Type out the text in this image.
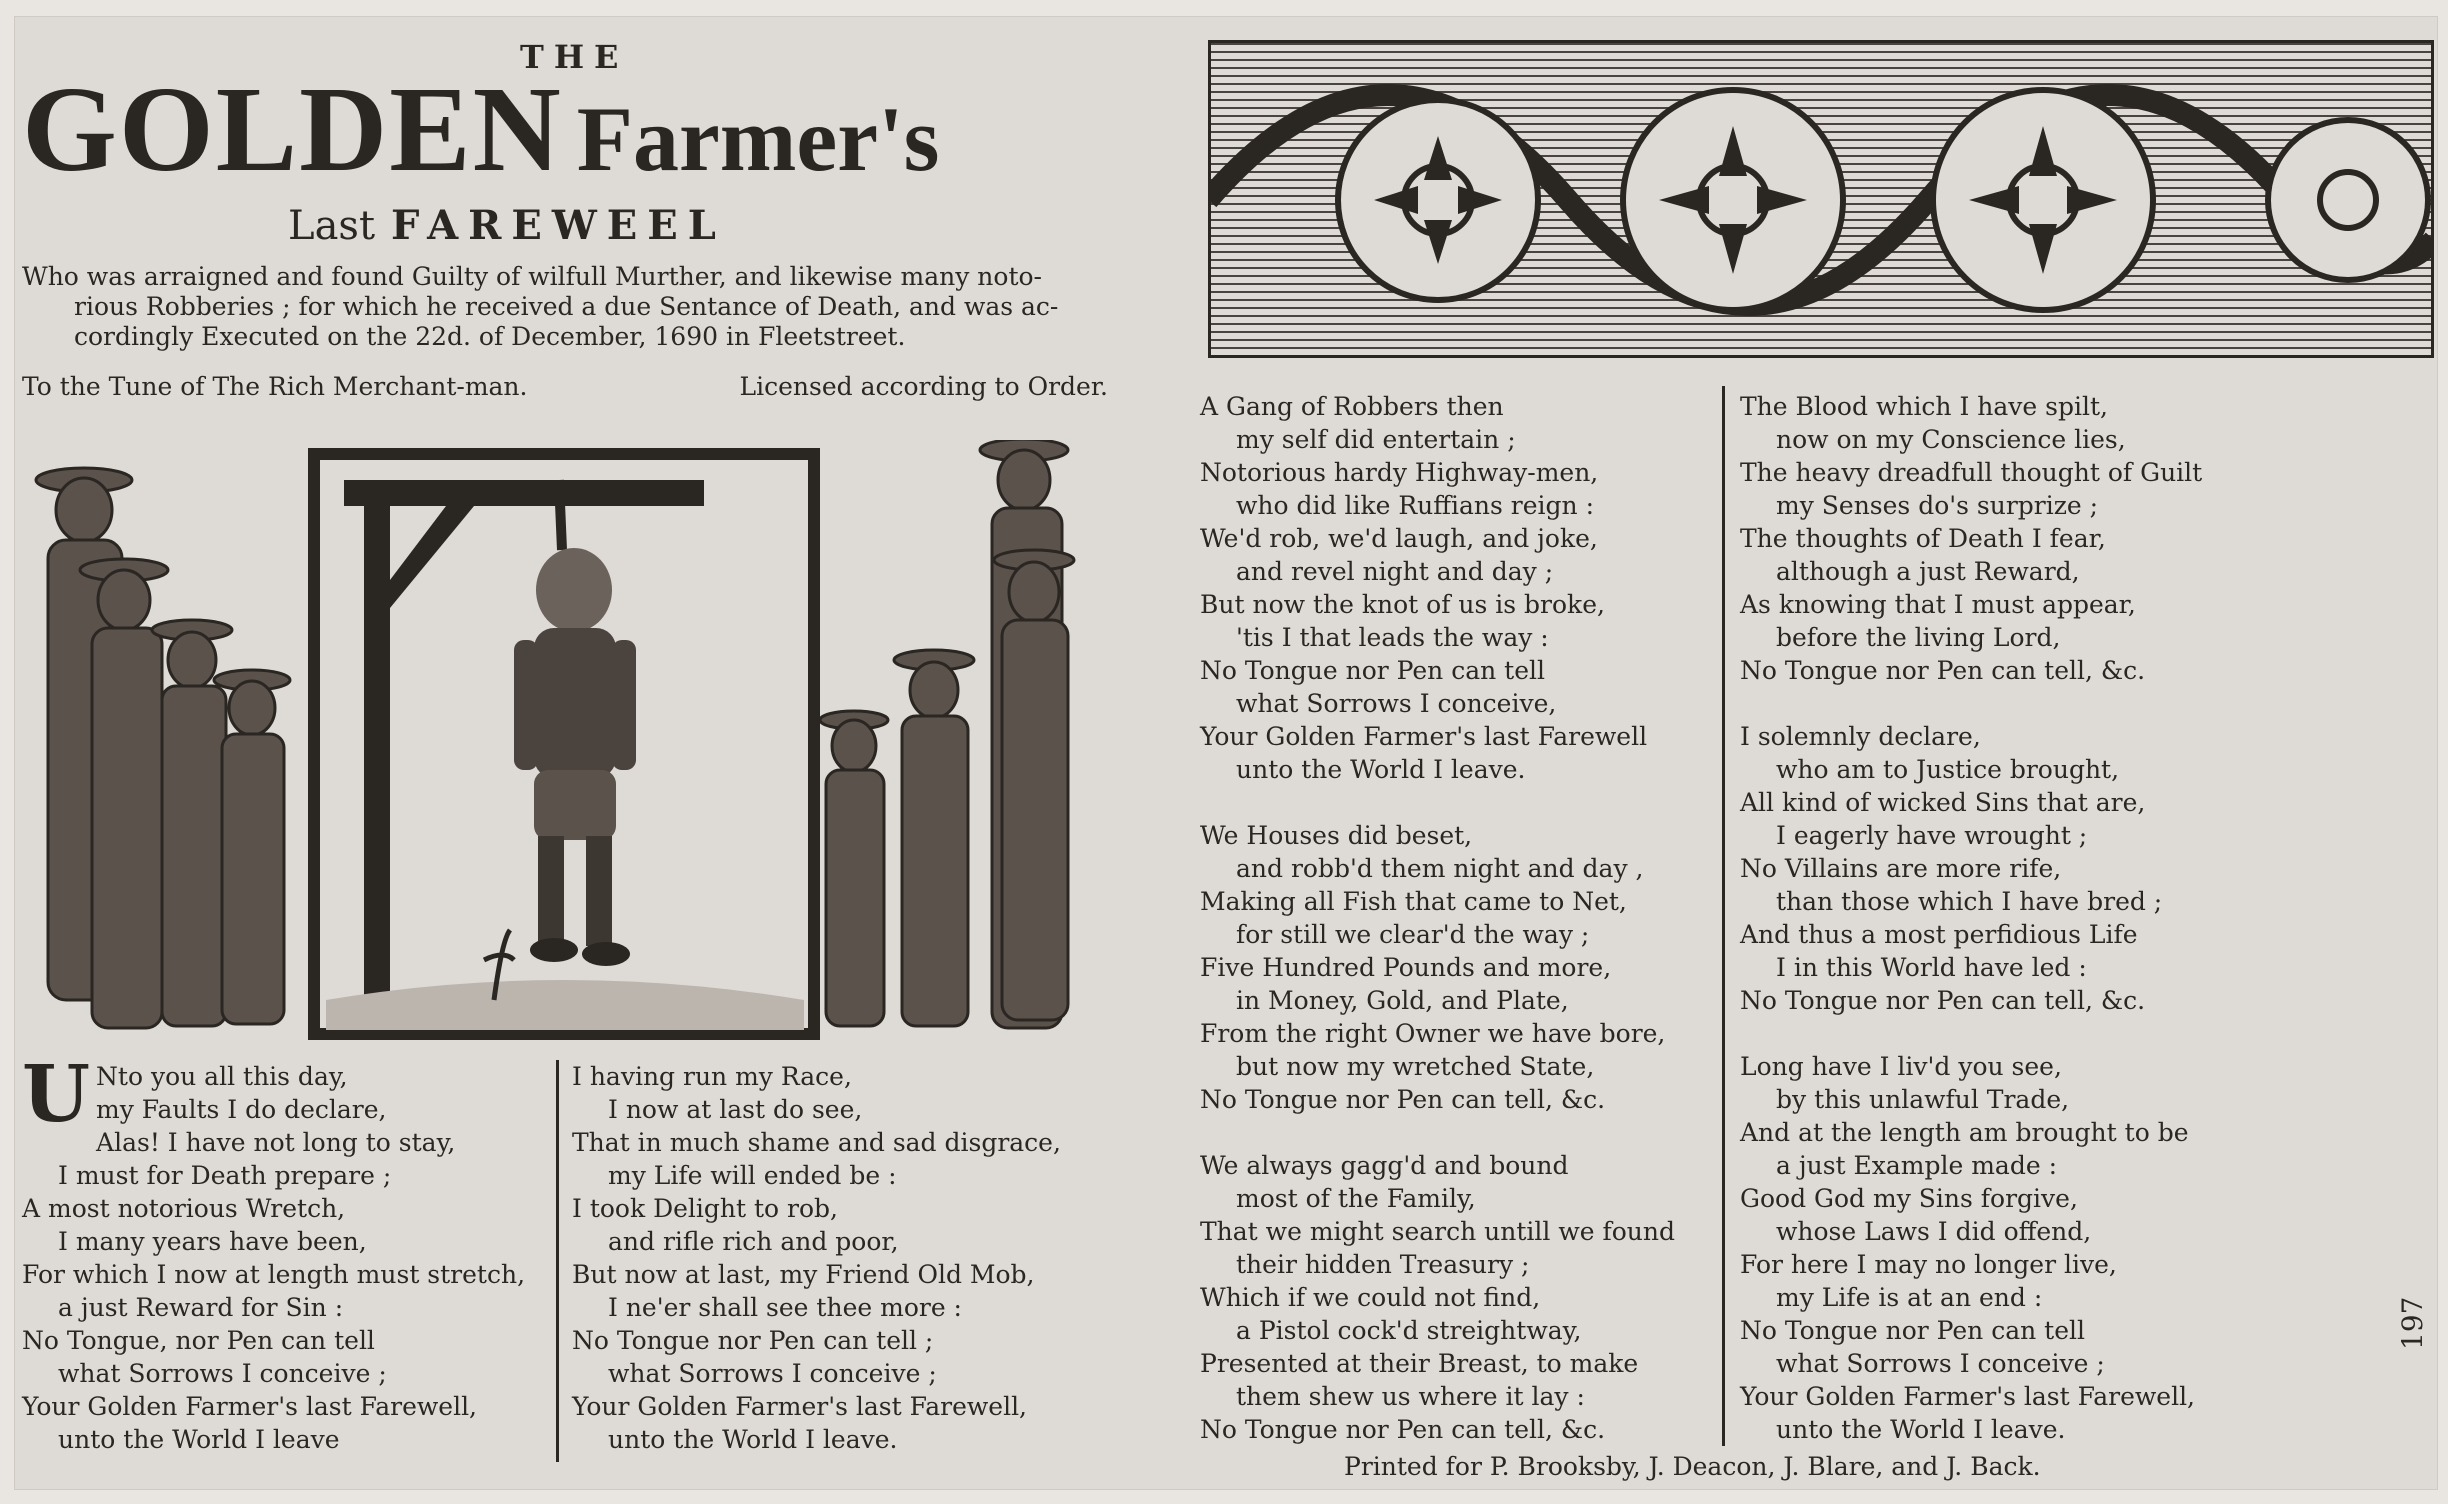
THE
GOLDEN Farmer's
Last FAREWEEL
Who was arraigned and found Guilty of wilfull Murther, and likewise many noto-
rious Robberies ; for which he received a due Sentance of Death, and was ac-
cordingly Executed on the 22d. of December, 1690 in Fleetstreet.
To the Tune of The Rich Merchant-man.	Licensed according to Order.
U Nto you all this day,
my Faults I do declare,
Alas! I have not long to stay,
I must for Death prepare ;
A most notorious Wretch,
I many years have been,
For which I now at length must stretch,
a just Reward for Sin :
No Tongue, nor Pen can tell
what Sorrows I conceive ;
Your Golden Farmer's last Farewell,
unto the World I leave
I having run my Race,
I now at last do see,
That in much shame and sad disgrace,
my Life will ended be :
I took Delight to rob,
and rifle rich and poor,
But now at last, my Friend Old Mob,
I ne'er shall see thee more :
No Tongue nor Pen can tell ;
what Sorrows I conceive ;
Your Golden Farmer's last Farewell,
unto the World I leave.
A Gang of Robbers then
my self did entertain ;
Notorious hardy Highway-men,
who did like Ruffians reign :
We'd rob, we'd laugh, and joke,
and revel night and day ;
But now the knot of us is broke,
'tis I that leads the way :
No Tongue nor Pen can tell
what Sorrows I conceive,
Your Golden Farmer's last Farewell
unto the World I leave.
We Houses did beset,
and robb'd them night and day ,
Making all Fish that came to Net,
for still we clear'd the way ;
Five Hundred Pounds and more,
in Money, Gold, and Plate,
From the right Owner we have bore,
but now my wretched State,
No Tongue nor Pen can tell, &c.
We always gagg'd and bound
most of the Family,
That we might search untill we found
their hidden Treasury ;
Which if we could not find,
a Pistol cock'd streightway,
Presented at their Breast, to make
them shew us where it lay :
No Tongue nor Pen can tell, &c.
The Blood which I have spilt,
now on my Conscience lies,
The heavy dreadfull thought of Guilt
my Senses do's surprize ;
The thoughts of Death I fear,
although a just Reward,
As knowing that I must appear,
before the living Lord,
No Tongue nor Pen can tell, &c.
I solemnly declare,
who am to Justice brought,
All kind of wicked Sins that are,
I eagerly have wrought ;
No Villains are more rife,
than those which I have bred ;
And thus a most perfidious Life
I in this World have led :
No Tongue nor Pen can tell, &c.
Long have I liv'd you see,
by this unlawful Trade,
And at the length am brought to be
a just Example made :
Good God my Sins forgive,
whose Laws I did offend,
For here I may no longer live,
my Life is at an end :
No Tongue nor Pen can tell
what Sorrows I conceive ;
Your Golden Farmer's last Farewell,
unto the World I leave.
Printed for P. Brooksby, J. Deacon, J. Blare, and J. Back.
197
